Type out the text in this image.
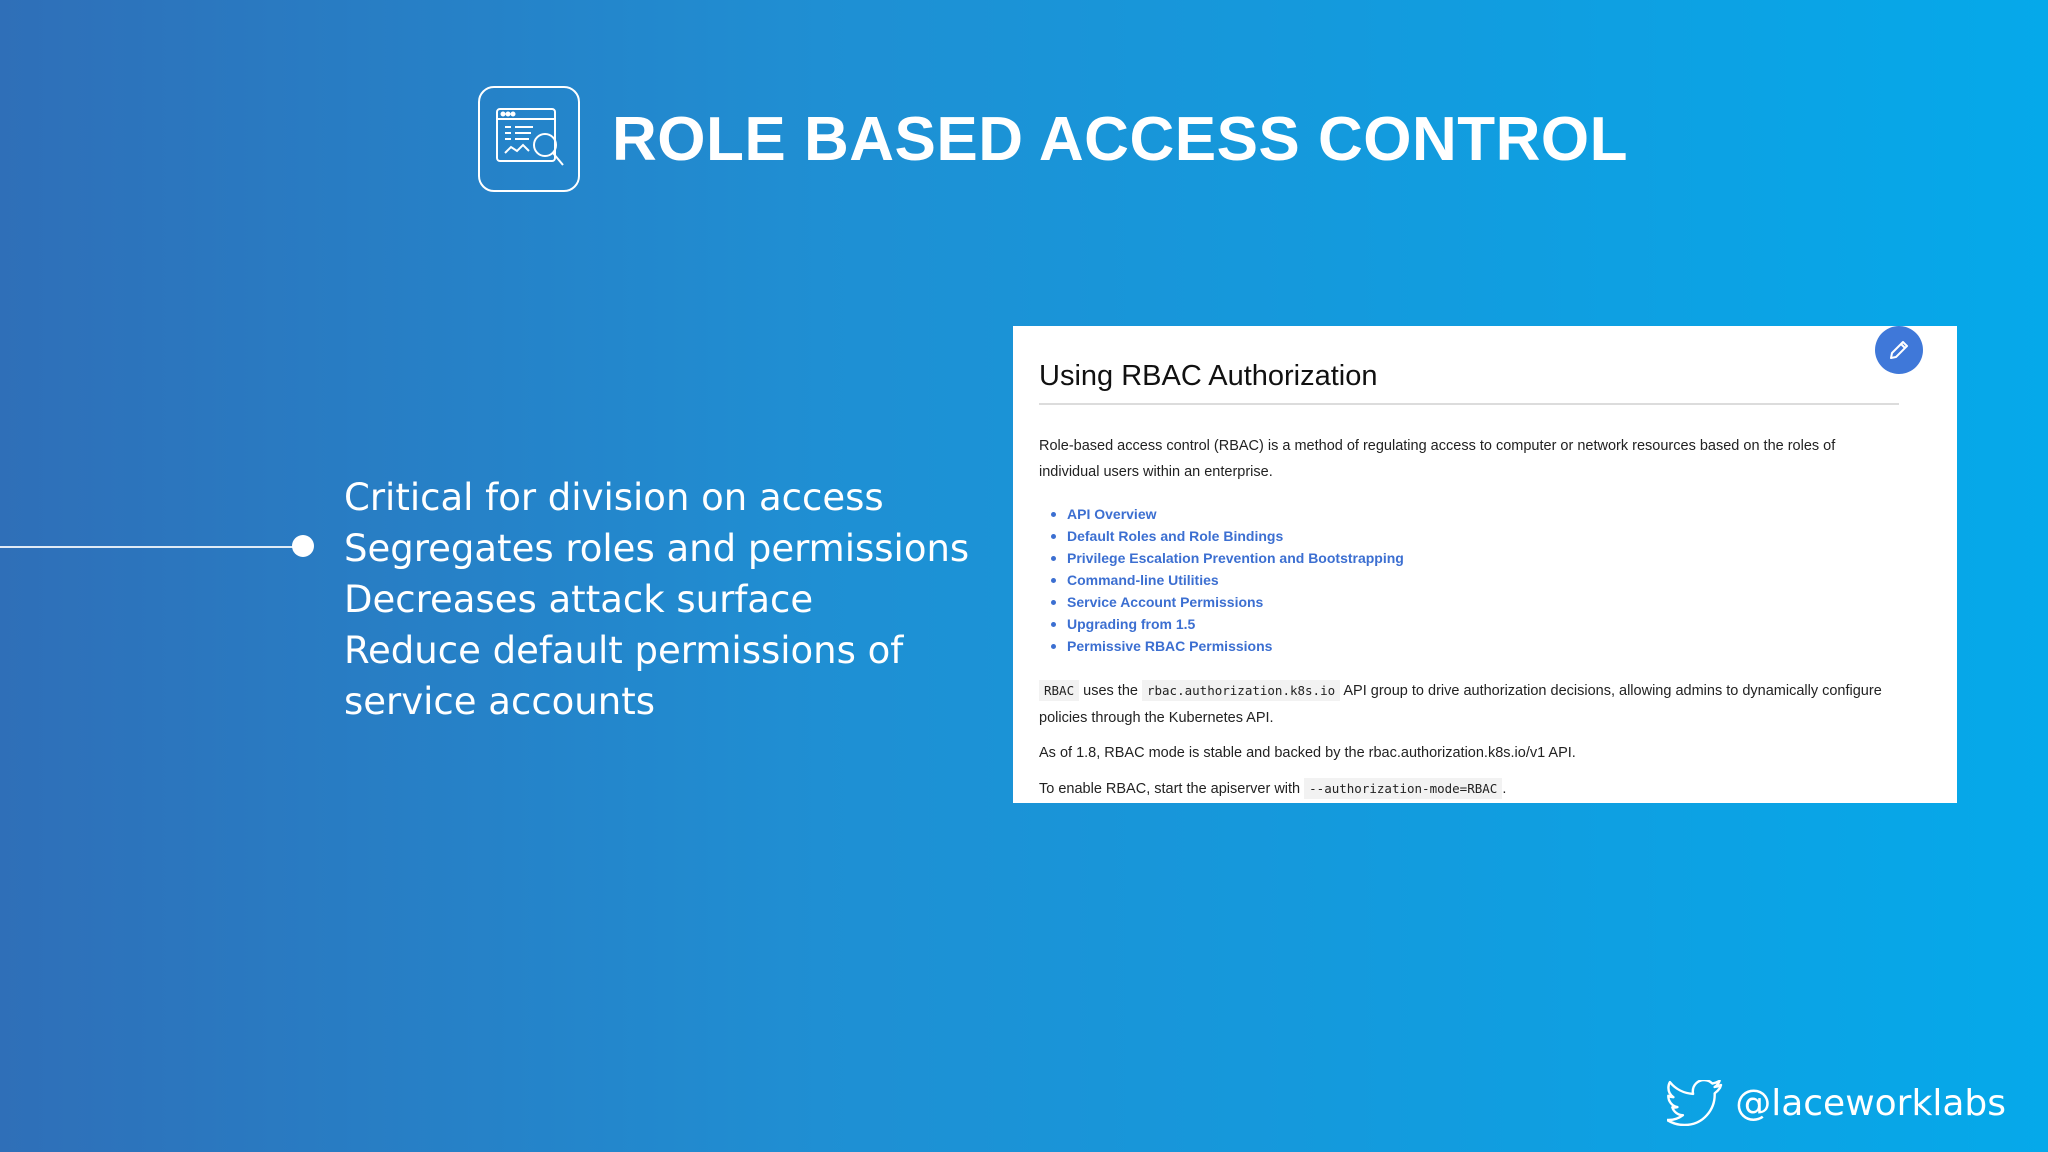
ROLE BASED ACCESS CONTROL
Critical for division on access
Segregates roles and permissions
Decreases attack surface
Reduce default permissions of service accounts
Using RBAC Authorization
Role-based access control (RBAC) is a method of regulating access to computer or network resources based on the roles of individual users within an enterprise.
API Overview
Default Roles and Role Bindings
Privilege Escalation Prevention and Bootstrapping
Command-line Utilities
Service Account Permissions
Upgrading from 1.5
Permissive RBAC Permissions
RBAC uses the rbac.authorization.k8s.io API group to drive authorization decisions, allowing admins to dynamically configure policies through the Kubernetes API.
As of 1.8, RBAC mode is stable and backed by the rbac.authorization.k8s.io/v1 API.
To enable RBAC, start the apiserver with --authorization-mode=RBAC .
@laceworklabs
